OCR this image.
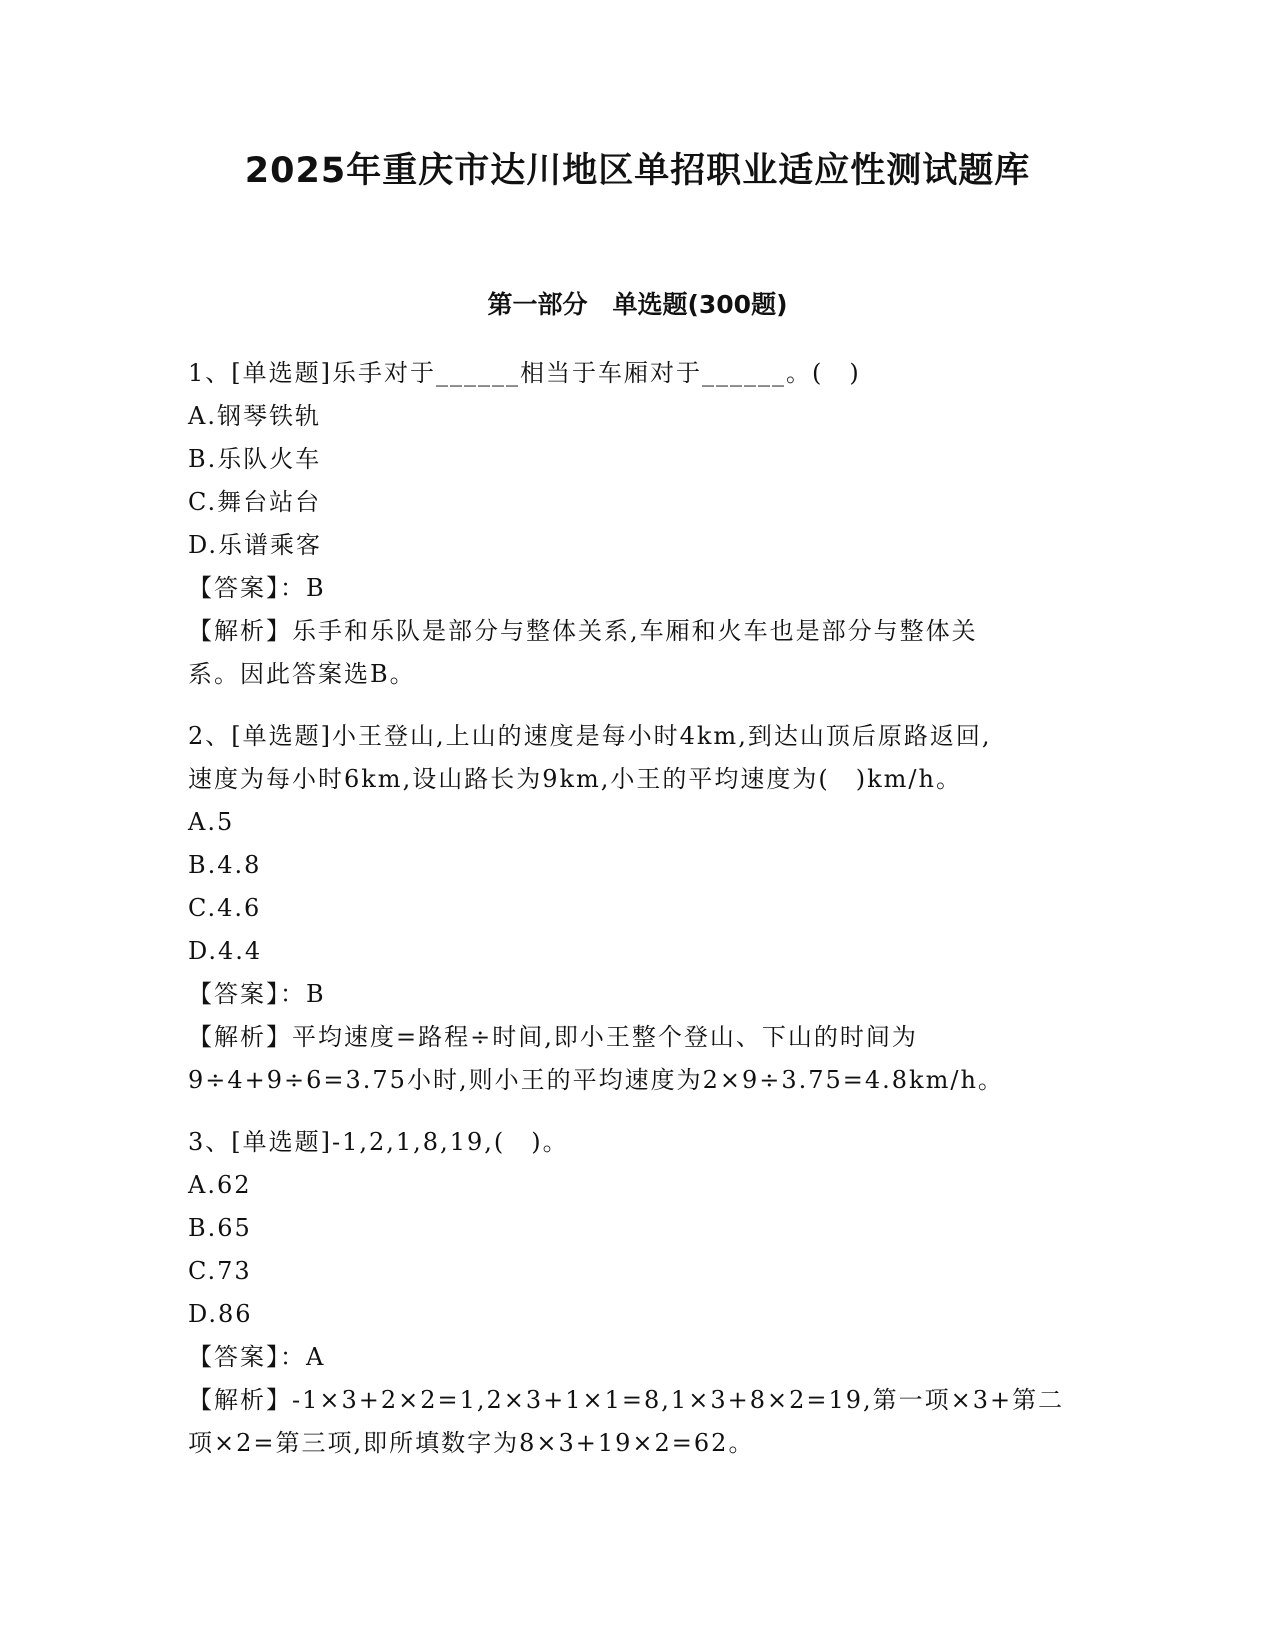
2025年重庆市达川地区单招职业适应性测试题库
第一部分　单选题(300题)
1、[单选题]乐手对于______相当于车厢对于______。(　)
A.钢琴铁轨
B.乐队火车
C.舞台站台
D.乐谱乘客
【答案】：B
【解析】乐手和乐队是部分与整体关系,车厢和火车也是部分与整体关
系。因此答案选B。
2、[单选题]小王登山,上山的速度是每小时4km,到达山顶后原路返回,
速度为每小时6km,设山路长为9km,小王的平均速度为(　)km/h。
A.5
B.4.8
C.4.6
D.4.4
【答案】：B
【解析】平均速度=路程÷时间,即小王整个登山、下山的时间为
9÷4+9÷6=3.75小时,则小王的平均速度为2×9÷3.75=4.8km/h。
3、[单选题]-1,2,1,8,19,(　)。
A.62
B.65
C.73
D.86
【答案】：A
【解析】-1×3+2×2=1,2×3+1×1=8,1×3+8×2=19,第一项×3+第二
项×2=第三项,即所填数字为8×3+19×2=62。
